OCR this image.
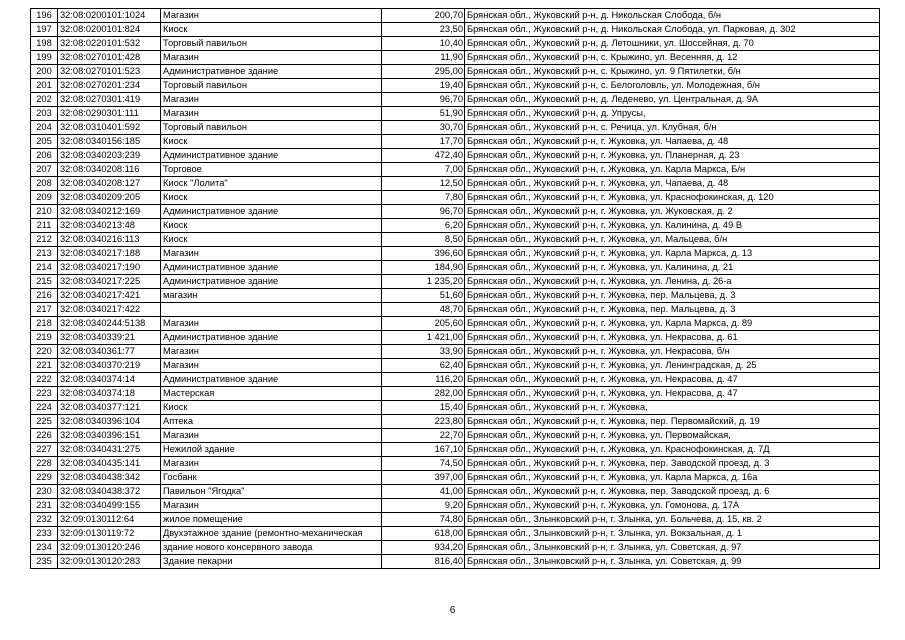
196	32:08:0200101:1024	Магазин	200,70	Брянская обл., Жуковский р-н, д. Никольская Слобода, б/н
197	32:08:0200101:824	Киоск	23,50	Брянская обл., Жуковский р-н, д. Никольская Слобода, ул. Парковая, д. 302
198	32:08:0220101:532	Торговый павильон	10,40	Брянская обл., Жуковский р-н, д. Летошники, ул. Шоссейная, д. 70
199	32:08:0270101:428	Магазин	11,90	Брянская обл., Жуковский р-н, с. Крыжино, ул. Весенняя, д. 12
200	32:08:0270101:523	Административное здание	295,00	Брянская обл., Жуковский р-н, с. Крыжино, ул. 9 Пятилетки, б/н
201	32:08:0270201:234	Торговый павильон	19,40	Брянская обл., Жуковский р-н, с. Белоголовль, ул. Молодежная, б/н
202	32:08:0270301:419	Магазин	96,70	Брянская обл., Жуковский р-н, д. Леденево, ул. Центральная, д. 9А
203	32:08:0290301:111	Магазин	51,90	Брянская обл., Жуковский р-н, д. Упрусы,
204	32:08:0310401:592	Торговый павильон	30,70	Брянская обл., Жуковский р-н, с. Речица, ул. Клубная, б/н
205	32:08:0340156:185	Киоск	17,70	Брянская обл., Жуковский р-н, г. Жуковка, ул. Чапаева, д. 48
206	32:08:0340203:239	Административное здание	472,40	Брянская обл., Жуковский р-н, г. Жуковка, ул. Планерная, д. 23
207	32:08:0340208:116	Торговое	7,00	Брянская обл., Жуковский р-н, г. Жуковка, ул. Карла Маркса, Б/н
208	32:08:0340208:127	Киоск "Лолита"	12,50	Брянская обл., Жуковский р-н, г. Жуковка, ул. Чапаева, д. 48
209	32:08:0340209:205	Киоск	7,80	Брянская обл., Жуковский р-н, г. Жуковка, ул. Краснофокинская, д. 120
210	32:08:0340212:169	Административное здание	96,70	Брянская обл., Жуковский р-н, г. Жуковка, ул. Жуковская, д. 2
211	32:08:0340213:48	Киоск	6,20	Брянская обл., Жуковский р-н, г. Жуковка, ул. Калинина, д. 49 В
212	32:08:0340216:113	Киоск	8,50	Брянская обл., Жуковский р-н, г. Жуковка, ул. Мальцева, б/н
213	32:08:0340217:188	Магазин	396,60	Брянская обл., Жуковский р-н, г. Жуковка, ул. Карла Маркса, д. 13
214	32:08:0340217:190	Административное здание	184,90	Брянская обл., Жуковский р-н, г. Жуковка, ул. Калинина, д. 21
215	32:08:0340217:225	Административное здание	1 235,20	Брянская обл., Жуковский р-н, г. Жуковка, ул. Ленина, д. 26-а
216	32:08:0340217:421	магазин	51,60	Брянская обл., Жуковский р-н, г. Жуковка, пер. Мальцева, д. 3
217	32:08:0340217:422		48,70	Брянская обл., Жуковский р-н, г. Жуковка, пер. Мальцева, д. 3
218	32:08:0340244:5138	Магазин	205,60	Брянская обл., Жуковский р-н, г. Жуковка, ул. Карла Маркса, д. 89
219	32:08:0340339:21	Административное здание	1 421,00	Брянская обл., Жуковский р-н, г. Жуковка, ул. Некрасова, д. 61
220	32:08:0340361:77	Магазин	33,90	Брянская обл., Жуковский р-н, г. Жуковка, ул. Некрасова, б/н
221	32:08:0340370:219	Магазин	62,40	Брянская обл., Жуковский р-н, г. Жуковка, ул. Ленинградская, д. 25
222	32:08:0340374:14	Административное здание	116,20	Брянская обл., Жуковский р-н, г. Жуковка, ул. Некрасова, д. 47
223	32:08:0340374:18	Мастерская	282,00	Брянская обл., Жуковский р-н, г. Жуковка, ул. Некрасова, д. 47
224	32:08:0340377:121	Киоск	15,40	Брянская обл., Жуковский р-н, г. Жуковка,
225	32:08:0340396:104	Аптека	223,80	Брянская обл., Жуковский р-н, г. Жуковка, пер. Первомайский, д. 19
226	32:08:0340396:151	Магазин	22,70	Брянская обл., Жуковский р-н, г. Жуковка, ул. Первомайская,
227	32:08:0340431:275	Нежилой здание	167,10	Брянская обл., Жуковский р-н, г. Жуковка, ул. Краснофокинская, д. 7Д
228	32:08:0340435:141	Магазин	74,50	Брянская обл., Жуковский р-н, г. Жуковка, пер. Заводской проезд, д. 3
229	32:08:0340438:342	Госбанк	397,00	Брянская обл., Жуковский р-н, г. Жуковка, ул. Карла Маркса, д. 16а
230	32:08:0340438:372	Павильон "Ягодка"	41,00	Брянская обл., Жуковский р-н, г. Жуковка, пер. Заводской проезд, д. 6
231	32:08:0340499:155	Магазин	9,20	Брянская обл., Жуковский р-н, г. Жуковка, ул. Гомонова, д. 17А
232	32:09:0130112:64	жилое помещение	74,80	Брянская обл., Злынковский р-н, г. Злынка, ул. Больчева, д. 15, кв. 2
233	32:09:0130119:72	Двухэтажное здание (ремонтно-механическая	618,00	Брянская обл., Злынковский р-н, г. Злынка, ул. Вокзальная, д. 1
234	32:09:0130120:246	здание нового консервного завода	934,20	Брянская обл., Злынковский р-н, г. Злынка, ул. Советская, д. 97
235	32:09:0130120:283	Здание пекарни	816,40	Брянская обл., Злынковский р-н, г. Злынка, ул. Советская, д. 99
6
